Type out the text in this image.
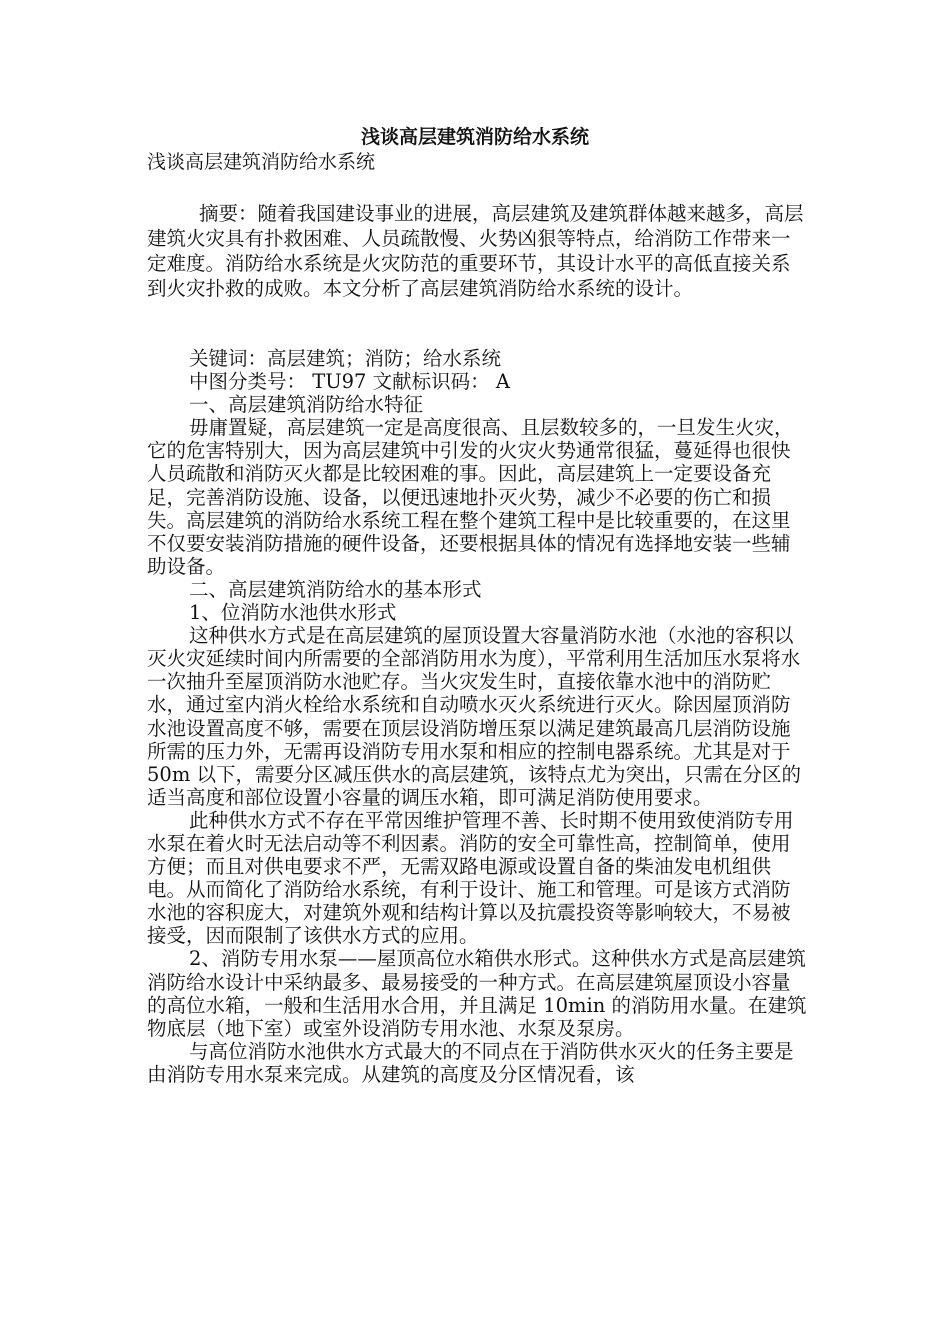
浅谈高层建筑消防给水系统
浅谈高层建筑消防给水系统

摘要：随着我国建设事业的进展，高层建筑及建筑群体越来越多，高层建筑火灾具有扑救困难、人员疏散慢、火势凶狠等特点，给消防工作带来一定难度。消防给水系统是火灾防范的重要环节，其设计水平的高低直接关系到火灾扑救的成败。本文分析了高层建筑消防给水系统的设计。

关键词：高层建筑；消防；给水系统

中图分类号： TU97 文献标识码： A

一、高层建筑消防给水特征

毋庸置疑，高层建筑一定是高度很高、且层数较多的，一旦发生火灾，它的危害特别大，因为高层建筑中引发的火灾火势通常很猛，蔓延得也很快人员疏散和消防灭火都是比较困难的事。因此，高层建筑上一定要设备充足，完善消防设施、设备，以便迅速地扑灭火势，减少不必要的伤亡和损失。高层建筑的消防给水系统工程在整个建筑工程中是比较重要的，在这里不仅要安装消防措施的硬件设备，还要根据具体的情况有选择地安装一些辅助设备。

二、高层建筑消防给水的基本形式

1、位消防水池供水形式

这种供水方式是在高层建筑的屋顶设置大容量消防水池（水池的容积以灭火灾延续时间内所需要的全部消防用水为度），平常利用生活加压水泵将水一次抽升至屋顶消防水池贮存。当火灾发生时，直接依靠水池中的消防贮水，通过室内消火栓给水系统和自动喷水灭火系统进行灭火。除因屋顶消防水池设置高度不够，需要在顶层设消防增压泵以满足建筑最高几层消防设施所需的压力外，无需再设消防专用水泵和相应的控制电器系统。尤其是对于 50m 以下，需要分区减压供水的高层建筑，该特点尤为突出，只需在分区的适当高度和部位设置小容量的调压水箱，即可满足消防使用要求。

此种供水方式不存在平常因维护管理不善、长时期不使用致使消防专用水泵在着火时无法启动等不利因素。消防的安全可靠性高，控制简单，使用方便；而且对供电要求不严，无需双路电源或设置自备的柴油发电机组供电。从而简化了消防给水系统，有利于设计、施工和管理。可是该方式消防水池的容积庞大，对建筑外观和结构计算以及抗震投资等影响较大，不易被接受，因而限制了该供水方式的应用。

2、消防专用水泵——屋顶高位水箱供水形式。这种供水方式是高层建筑消防给水设计中采纳最多、最易接受的一种方式。在高层建筑屋顶设小容量的高位水箱，一般和生活用水合用，并且满足 10min 的消防用水量。在建筑物底层（地下室）或室外设消防专用水池、水泵及泵房。

与高位消防水池供水方式最大的不同点在于消防供水灭火的任务主要是由消防专用水泵来完成。从建筑的高度及分区情况看，该
